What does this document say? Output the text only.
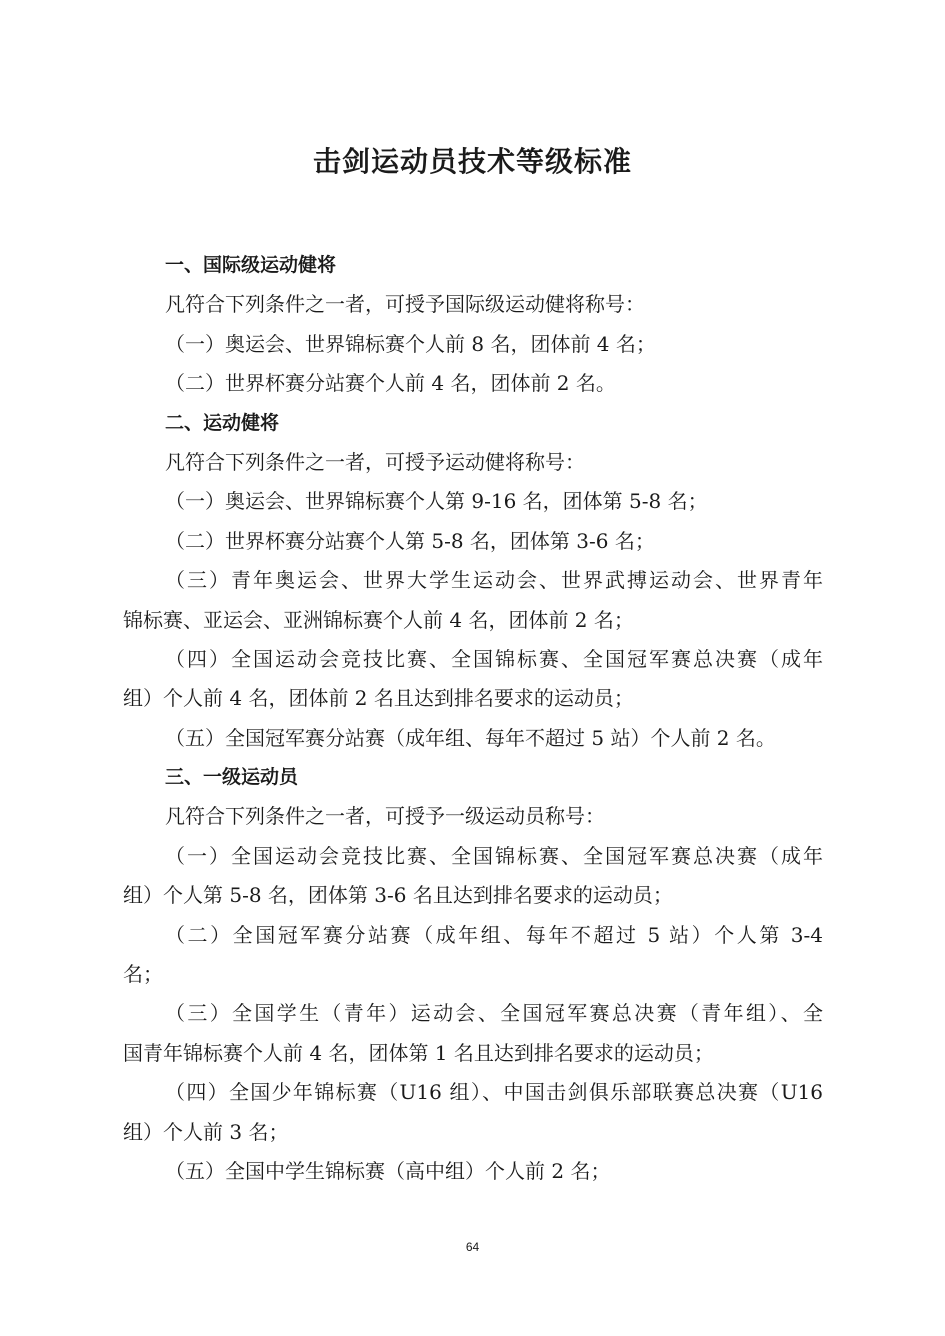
击剑运动员技术等级标准
一、国际级运动健将
凡符合下列条件之一者，可授予国际级运动健将称号：
（一）奥运会、世界锦标赛个人前 8 名，团体前 4 名；
（二）世界杯赛分站赛个人前 4 名，团体前 2 名。
二、运动健将
凡符合下列条件之一者，可授予运动健将称号：
（一）奥运会、世界锦标赛个人第 9-16 名，团体第 5-8 名；
（二）世界杯赛分站赛个人第 5-8 名，团体第 3-6 名；
（三）青年奥运会、世界大学生运动会、世界武搏运动会、世界青年
锦标赛、亚运会、亚洲锦标赛个人前 4 名，团体前 2 名；
（四）全国运动会竞技比赛、全国锦标赛、全国冠军赛总决赛（成年
组）个人前 4 名，团体前 2 名且达到排名要求的运动员；
（五）全国冠军赛分站赛（成年组、每年不超过 5 站）个人前 2 名。
三、一级运动员
凡符合下列条件之一者，可授予一级运动员称号：
（一）全国运动会竞技比赛、全国锦标赛、全国冠军赛总决赛（成年
组）个人第 5-8 名，团体第 3-6 名且达到排名要求的运动员；
（二）全国冠军赛分站赛（成年组、每年不超过 5 站）个人第 3-4
名；
（三）全国学生（青年）运动会、全国冠军赛总决赛（青年组）、全
国青年锦标赛个人前 4 名，团体第 1 名且达到排名要求的运动员；
（四）全国少年锦标赛（U16 组）、中国击剑俱乐部联赛总决赛（U16
组）个人前 3 名；
（五）全国中学生锦标赛（高中组）个人前 2 名；
64
